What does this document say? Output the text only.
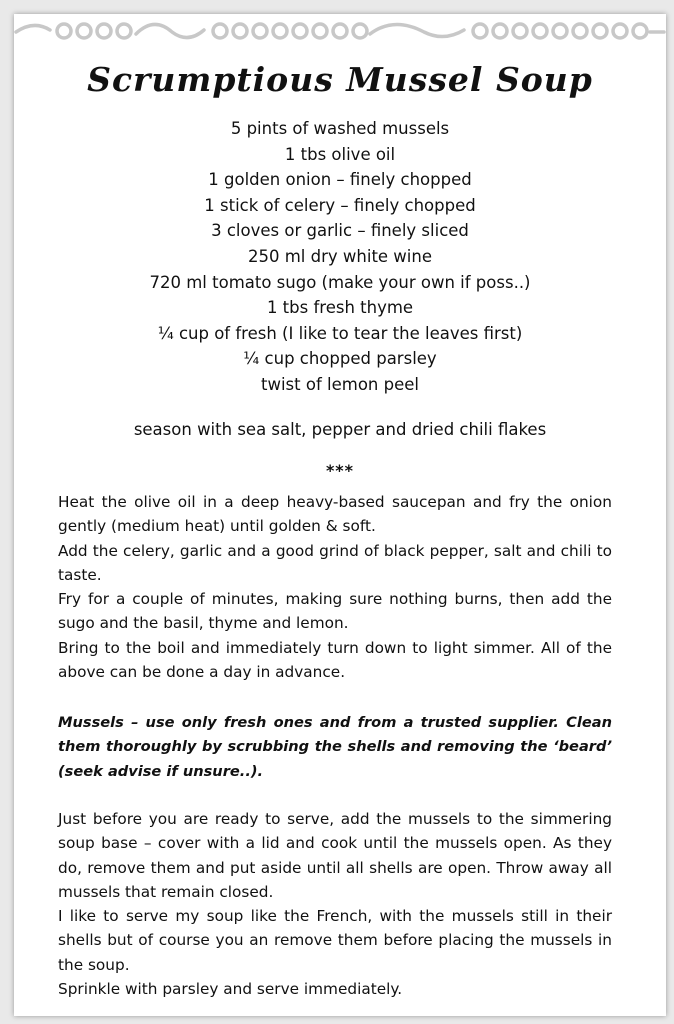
Scrumptious Mussel Soup
5 pints of washed mussels
1 tbs olive oil
1 golden onion – finely chopped
1 stick of celery – finely chopped
3 cloves or garlic – finely sliced
250 ml dry white wine
720 ml tomato sugo (make your own if poss..)
1 tbs fresh thyme
¼ cup of fresh (I like to tear the leaves first)
¼ cup chopped parsley
twist of lemon peel

season with sea salt, pepper and dried chili flakes

***

Heat the olive oil in a deep heavy-based saucepan and fry the onion gently (medium heat) until golden & soft.
Add the celery, garlic and a good grind of black pepper, salt and chili to taste.
Fry for a couple of minutes, making sure nothing burns, then add the sugo and the basil, thyme and lemon.
Bring to the boil and immediately turn down to light simmer. All of the above can be done a day in advance.

Mussels – use only fresh ones and from a trusted supplier. Clean them thoroughly by scrubbing the shells and removing the ‘beard’ (seek advise if unsure..).

Just before you are ready to serve, add the mussels to the simmering soup base – cover with a lid and cook until the mussels open. As they do, remove them and put aside until all shells are open. Throw away all mussels that remain closed.
I like to serve my soup like the French, with the mussels still in their shells but of course you an remove them before placing the mussels in the soup.
Sprinkle with parsley and serve immediately.
